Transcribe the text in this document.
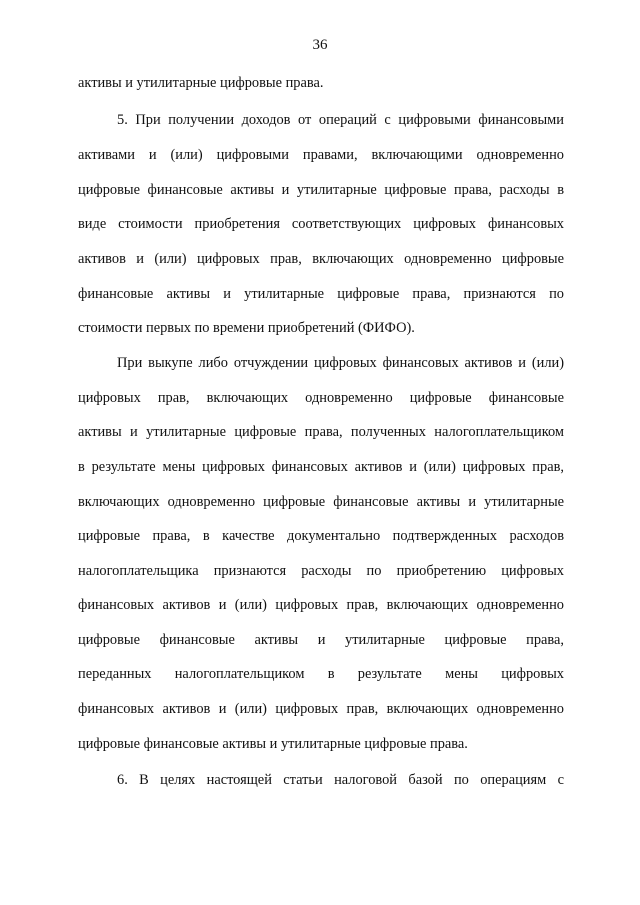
36
активы и утилитарные цифровые права.
5. При получении доходов от операций с цифровыми финансовыми
активами и (или) цифровыми правами, включающими одновременно
цифровые финансовые активы и утилитарные цифровые права, расходы в
виде стоимости приобретения соответствующих цифровых финансовых
активов и (или) цифровых прав, включающих одновременно цифровые
финансовые активы и утилитарные цифровые права, признаются по
стоимости первых по времени приобретений (ФИФО).
При выкупе либо отчуждении цифровых финансовых активов и (или)
цифровых прав, включающих одновременно цифровые финансовые
активы и утилитарные цифровые права, полученных налогоплательщиком
в результате мены цифровых финансовых активов и (или) цифровых прав,
включающих одновременно цифровые финансовые активы и утилитарные
цифровые права, в качестве документально подтвержденных расходов
налогоплательщика признаются расходы по приобретению цифровых
финансовых активов и (или) цифровых прав, включающих одновременно
цифровые финансовые активы и утилитарные цифровые права,
переданных налогоплательщиком в результате мены цифровых
финансовых активов и (или) цифровых прав, включающих одновременно
цифровые финансовые активы и утилитарные цифровые права.
6. В целях настоящей статьи налоговой базой по операциям с
